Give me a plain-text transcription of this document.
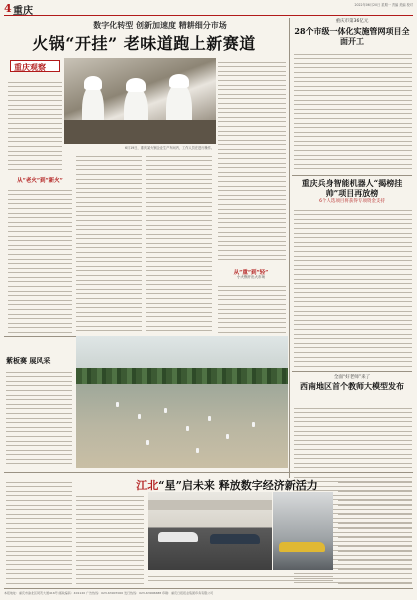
4 重庆
2022年06月20日 星期一 责编 美编 校对
数字化转型 创新加速度 精耕细分市场
火锅“开挂” 老味道跑上新赛道
重庆观察
6月19日，重庆某火锅企业生产车间内，工作人员在进行操作。
从“老火”到“新火”
从“重”到“轻”
小火锅开出大市场
重庆市第36亿元
28个市级一体化实施管网项目全面开工
重庆兵身智能机器人“揭榜挂帅”项目再放榜
6个人选项目将获得专项资金支持
全面“好老师”来了
西南地区首个教师大模型发布
紫板赛 展风采
江北“星”启未来 释放数字经济新活力
本报地址：重庆市渝北区同茂大道416号 邮政编码：401120 广告热线：023-63907000 发行热线：023-63906688 印刷：重庆日报报业集团印务有限公司
